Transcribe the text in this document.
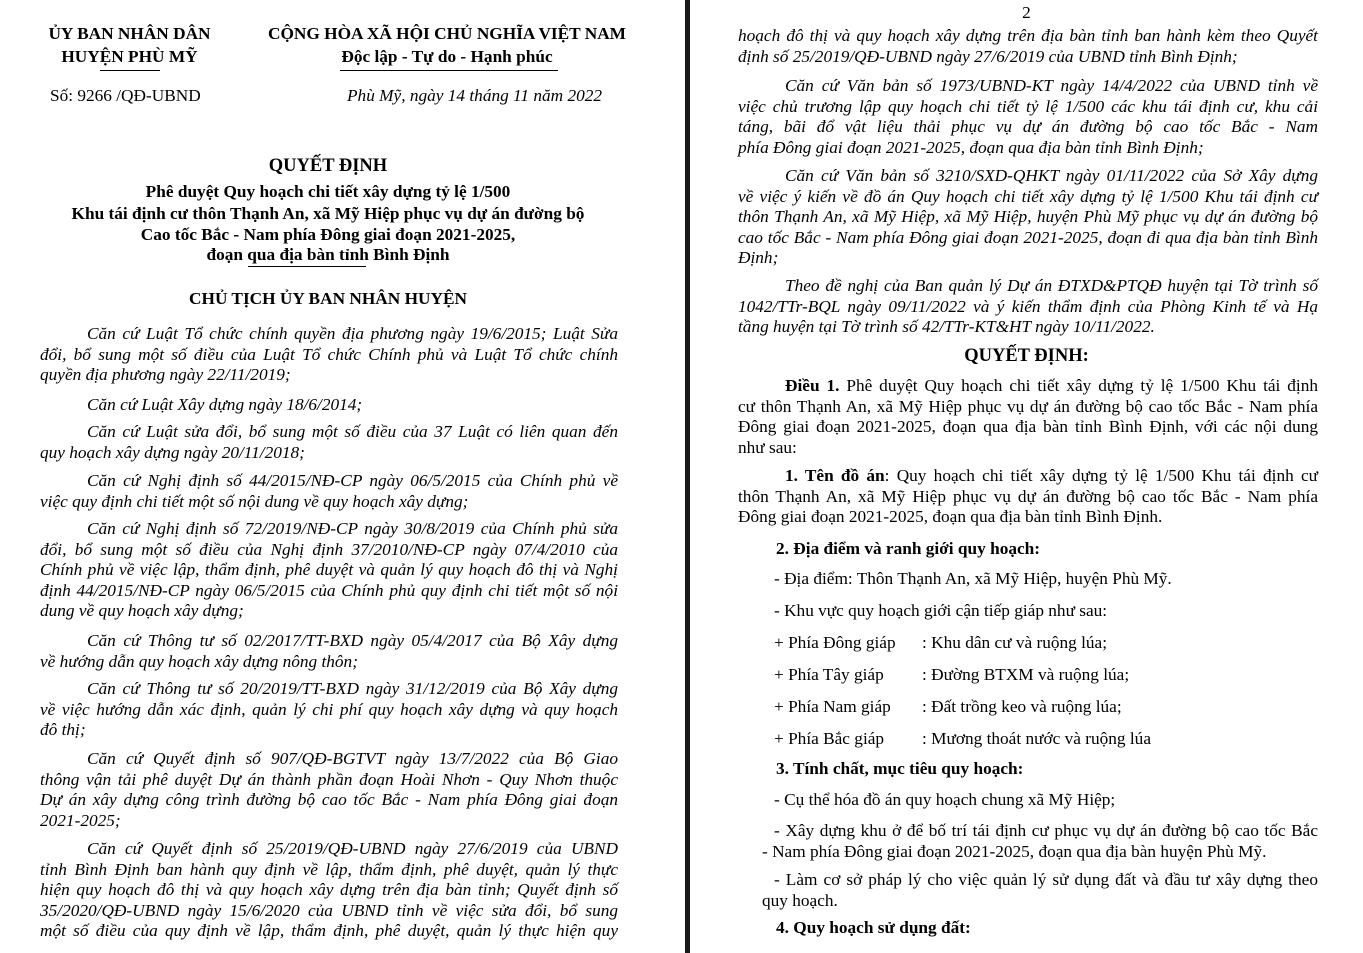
ỦY BAN NHÂN DÂN
HUYỆN PHÙ MỸ
CỘNG HÒA XÃ HỘI CHỦ NGHĨA VIỆT NAM
Độc lập - Tự do - Hạnh phúc
Số: 9266 /QĐ-UBND	Phù Mỹ, ngày 14 tháng 11 năm 2022
QUYẾT ĐỊNH
Phê duyệt Quy hoạch chi tiết xây dựng tỷ lệ 1/500
Khu tái định cư thôn Thạnh An, xã Mỹ Hiệp phục vụ dự án đường bộ
Cao tốc Bắc - Nam phía Đông giai đoạn 2021-2025,
đoạn qua địa bàn tỉnh Bình Định
CHỦ TỊCH ỦY BAN NHÂN HUYỆN
Căn cứ Luật Tổ chức chính quyền địa phương ngày 19/6/2015; Luật Sửa
đổi, bổ sung một số điều của Luật Tổ chức Chính phủ và Luật Tổ chức chính
quyền địa phương ngày 22/11/2019;
Căn cứ Luật Xây dựng ngày 18/6/2014;
Căn cứ Luật sửa đổi, bổ sung một số điều của 37 Luật có liên quan đến
quy hoạch xây dựng ngày 20/11/2018;
Căn cứ Nghị định số 44/2015/NĐ-CP ngày 06/5/2015 của Chính phủ về
việc quy định chi tiết một số nội dung về quy hoạch xây dựng;
Căn cứ Nghị định số 72/2019/NĐ-CP ngày 30/8/2019 của Chính phủ sửa
đổi, bổ sung một số điều của Nghị định 37/2010/NĐ-CP ngày 07/4/2010 của
Chính phủ về việc lập, thẩm định, phê duyệt và quản lý quy hoạch đô thị và Nghị
định 44/2015/NĐ-CP ngày 06/5/2015 của Chính phủ quy định chi tiết một số nội
dung về quy hoạch xây dựng;
Căn cứ Thông tư số 02/2017/TT-BXD ngày 05/4/2017 của Bộ Xây dựng
về hướng dẫn quy hoạch xây dựng nông thôn;
Căn cứ Thông tư số 20/2019/TT-BXD ngày 31/12/2019 của Bộ Xây dựng
về việc hướng dẫn xác định, quản lý chi phí quy hoạch xây dựng và quy hoạch
đô thị;
Căn cứ Quyết định số 907/QĐ-BGTVT ngày 13/7/2022 của Bộ Giao
thông vận tải phê duyệt Dự án thành phần đoạn Hoài Nhơn - Quy Nhơn thuộc
Dự án xây dựng công trình đường bộ cao tốc Bắc - Nam phía Đông giai đoạn
2021-2025;
Căn cứ Quyết định số 25/2019/QĐ-UBND ngày 27/6/2019 của UBND
tỉnh Bình Định ban hành quy định về lập, thẩm định, phê duyệt, quản lý thực
hiện quy hoạch đô thị và quy hoạch xây dựng trên địa bàn tỉnh; Quyết định số
35/2020/QĐ-UBND ngày 15/6/2020 của UBND tỉnh về việc sửa đổi, bổ sung
một số điều của quy định về lập, thẩm định, phê duyệt, quản lý thực hiện quy
2
hoạch đô thị và quy hoạch xây dựng trên địa bàn tỉnh ban hành kèm theo Quyết
định số 25/2019/QĐ-UBND ngày 27/6/2019 của UBND tỉnh Bình Định;
Căn cứ Văn bản số 1973/UBND-KT ngày 14/4/2022 của UBND tỉnh về
việc chủ trương lập quy hoạch chi tiết tỷ lệ 1/500 các khu tái định cư, khu cải
táng, bãi đổ vật liệu thải phục vụ dự án đường bộ cao tốc Bắc - Nam
phía Đông giai đoạn 2021-2025, đoạn qua địa bàn tỉnh Bình Định;
Căn cứ Văn bản số 3210/SXD-QHKT ngày 01/11/2022 của Sở Xây dựng
về việc ý kiến về đồ án Quy hoạch chi tiết xây dựng tỷ lệ 1/500 Khu tái định cư
thôn Thạnh An, xã Mỹ Hiệp, xã Mỹ Hiệp, huyện Phù Mỹ phục vụ dự án đường bộ
cao tốc Bắc - Nam phía Đông giai đoạn 2021-2025, đoạn đi qua địa bàn tỉnh Bình
Định;
Theo đề nghị của Ban quản lý Dự án ĐTXD&PTQĐ huyện tại Tờ trình số
1042/TTr-BQL ngày 09/11/2022 và ý kiến thẩm định của Phòng Kinh tế và Hạ
tầng huyện tại Tờ trình số 42/TTr-KT&HT ngày 10/11/2022.
QUYẾT ĐỊNH:
Điều 1. Phê duyệt Quy hoạch chi tiết xây dựng tỷ lệ 1/500 Khu tái định
cư thôn Thạnh An, xã Mỹ Hiệp phục vụ dự án đường bộ cao tốc Bắc - Nam phía
Đông giai đoạn 2021-2025, đoạn qua địa bàn tỉnh Bình Định, với các nội dung
như sau:
1. Tên đồ án: Quy hoạch chi tiết xây dựng tỷ lệ 1/500 Khu tái định cư
thôn Thạnh An, xã Mỹ Hiệp phục vụ dự án đường bộ cao tốc Bắc - Nam phía
Đông giai đoạn 2021-2025, đoạn qua địa bàn tỉnh Bình Định.
2. Địa điểm và ranh giới quy hoạch:
- Địa điểm: Thôn Thạnh An, xã Mỹ Hiệp, huyện Phù Mỹ.
- Khu vực quy hoạch giới cận tiếp giáp như sau:
+ Phía Đông giáp : Khu dân cư và ruộng lúa;
+ Phía Tây giáp : Đường BTXM và ruộng lúa;
+ Phía Nam giáp : Đất trồng keo và ruộng lúa;
+ Phía Bắc giáp : Mương thoát nước và ruộng lúa
3. Tính chất, mục tiêu quy hoạch:
- Cụ thể hóa đồ án quy hoạch chung xã Mỹ Hiệp;
- Xây dựng khu ở để bố trí tái định cư phục vụ dự án đường bộ cao tốc Bắc
- Nam phía Đông giai đoạn 2021-2025, đoạn qua địa bàn huyện Phù Mỹ.
- Làm cơ sở pháp lý cho việc quản lý sử dụng đất và đầu tư xây dựng theo
quy hoạch.
4. Quy hoạch sử dụng đất:
